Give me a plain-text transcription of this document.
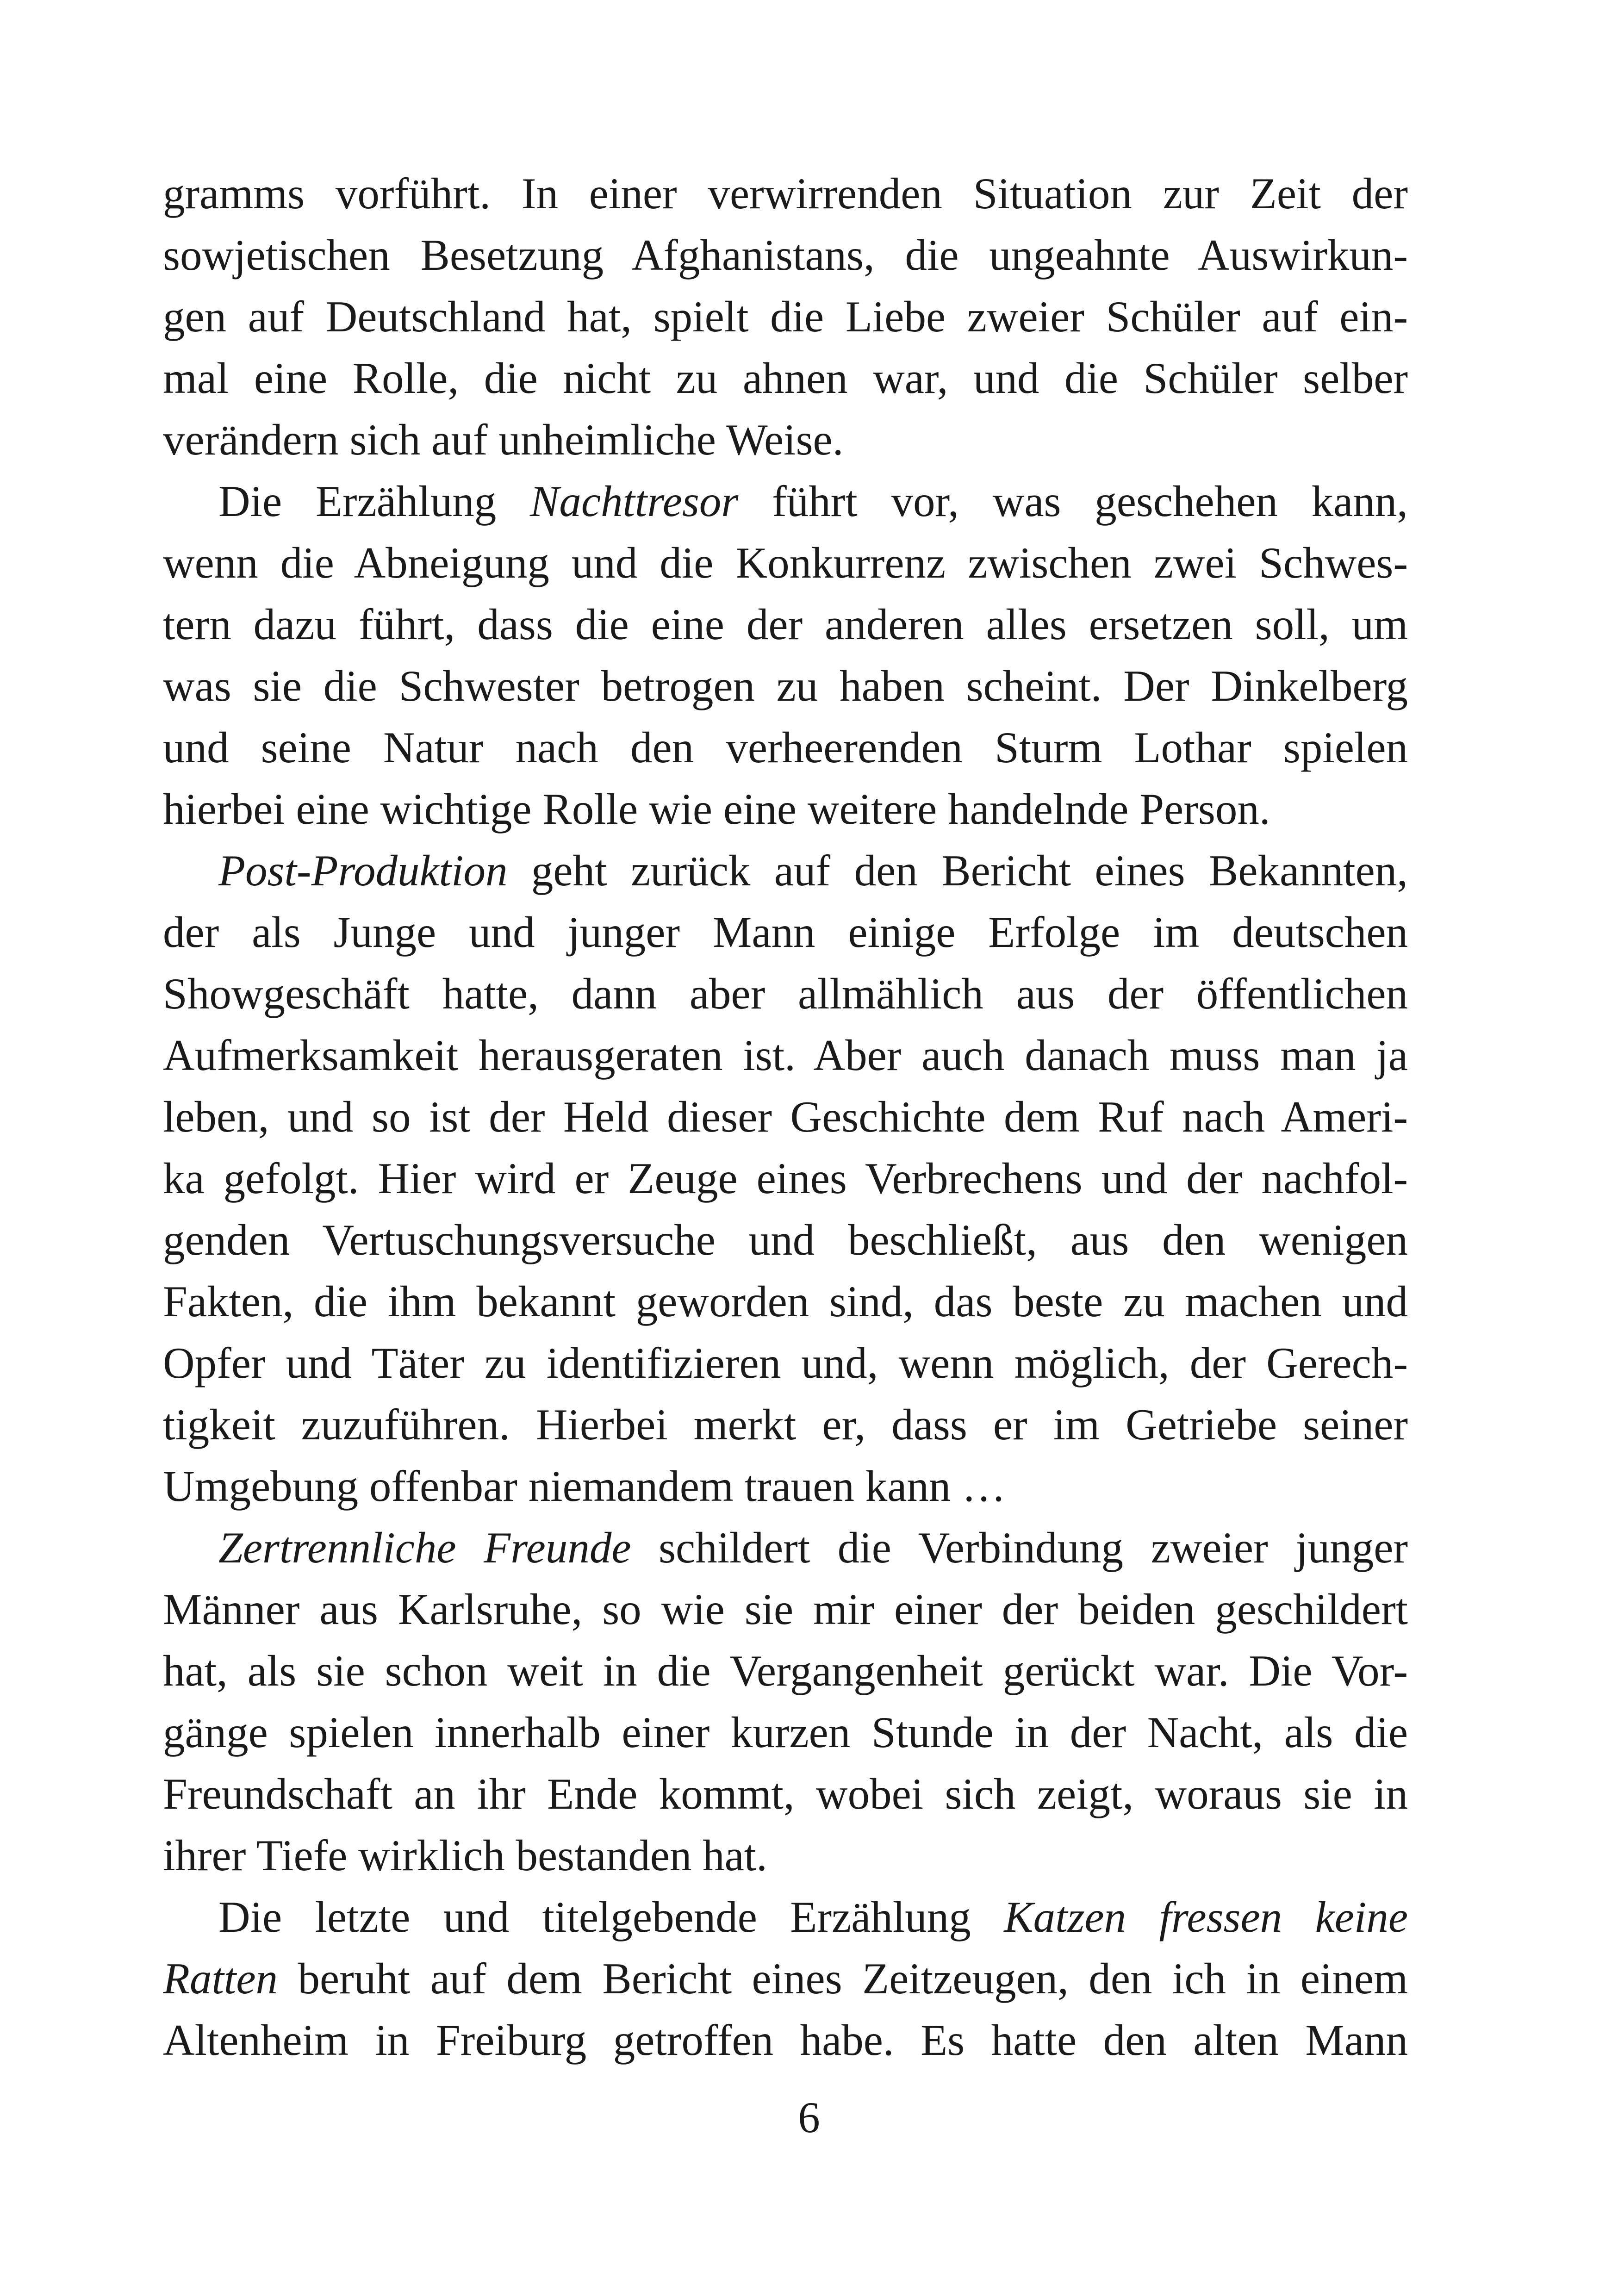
gramms vorführt. In einer verwirrenden Situation zur Zeit der
sowjetischen Besetzung Afghanistans, die ungeahnte Auswirkun-
gen auf Deutschland hat, spielt die Liebe zweier Schüler auf ein-
mal eine Rolle, die nicht zu ahnen war, und die Schüler selber
verändern sich auf unheimliche Weise.
Die Erzählung Nachttresor führt vor, was geschehen kann,
wenn die Abneigung und die Konkurrenz zwischen zwei Schwes-
tern dazu führt, dass die eine der anderen alles ersetzen soll, um
was sie die Schwester betrogen zu haben scheint. Der Dinkelberg
und seine Natur nach den verheerenden Sturm Lothar spielen
hierbei eine wichtige Rolle wie eine weitere handelnde Person.
Post-Produktion geht zurück auf den Bericht eines Bekannten,
der als Junge und junger Mann einige Erfolge im deutschen
Showgeschäft hatte, dann aber allmählich aus der öffentlichen
Aufmerksamkeit herausgeraten ist. Aber auch danach muss man ja
leben, und so ist der Held dieser Geschichte dem Ruf nach Ameri-
ka gefolgt. Hier wird er Zeuge eines Verbrechens und der nachfol-
genden Vertuschungsversuche und beschließt, aus den wenigen
Fakten, die ihm bekannt geworden sind, das beste zu machen und
Opfer und Täter zu identifizieren und, wenn möglich, der Gerech-
tigkeit zuzuführen. Hierbei merkt er, dass er im Getriebe seiner
Umgebung offenbar niemandem trauen kann …
Zertrennliche Freunde schildert die Verbindung zweier junger
Männer aus Karlsruhe, so wie sie mir einer der beiden geschildert
hat, als sie schon weit in die Vergangenheit gerückt war. Die Vor-
gänge spielen innerhalb einer kurzen Stunde in der Nacht, als die
Freundschaft an ihr Ende kommt, wobei sich zeigt, woraus sie in
ihrer Tiefe wirklich bestanden hat.
Die letzte und titelgebende Erzählung Katzen fressen keine
Ratten beruht auf dem Bericht eines Zeitzeugen, den ich in einem
Altenheim in Freiburg getroffen habe. Es hatte den alten Mann
6
